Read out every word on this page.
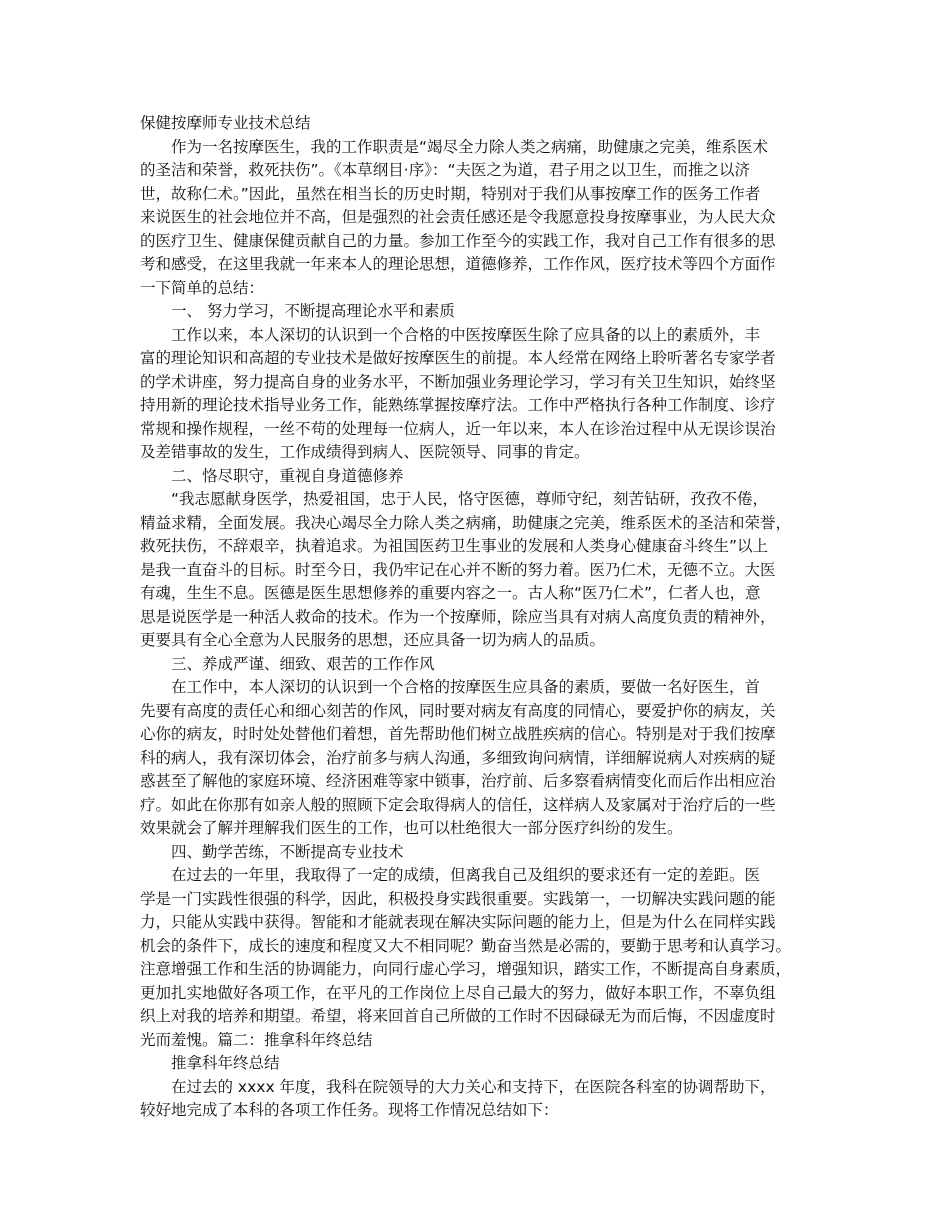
保健按摩师专业技术总结
作为一名按摩医生，我的工作职责是“竭尽全力除人类之病痛，助健康之完美，维系医术
的圣洁和荣誉，救死扶伤”。《本草纲目·序》：“夫医之为道，君子用之以卫生，而推之以济
世，故称仁术。”因此，虽然在相当长的历史时期，特别对于我们从事按摩工作的医务工作者
来说医生的社会地位并不高，但是强烈的社会责任感还是令我愿意投身按摩事业，为人民大众
的医疗卫生、健康保健贡献自己的力量。参加工作至今的实践工作，我对自己工作有很多的思
考和感受，在这里我就一年来本人的理论思想，道德修养，工作作风，医疗技术等四个方面作
一下简单的总结：
一、 努力学习，不断提高理论水平和素质
工作以来，本人深切的认识到一个合格的中医按摩医生除了应具备的以上的素质外，丰
富的理论知识和高超的专业技术是做好按摩医生的前提。本人经常在网络上聆听著名专家学者
的学术讲座，努力提高自身的业务水平，不断加强业务理论学习，学习有关卫生知识，始终坚
持用新的理论技术指导业务工作，能熟练掌握按摩疗法。工作中严格执行各种工作制度、诊疗
常规和操作规程，一丝不苟的处理每一位病人，近一年以来，本人在诊治过程中从无误诊误治
及差错事故的发生，工作成绩得到病人、医院领导、同事的肯定。
二、恪尽职守，重视自身道德修养
“我志愿献身医学，热爱祖国，忠于人民，恪守医德，尊师守纪，刻苦钻研，孜孜不倦，
精益求精，全面发展。我决心竭尽全力除人类之病痛，助健康之完美，维系医术的圣洁和荣誉，
救死扶伤，不辞艰辛，执着追求。为祖国医药卫生事业的发展和人类身心健康奋斗终生”以上
是我一直奋斗的目标。时至今日，我仍牢记在心并不断的努力着。医乃仁术，无德不立。大医
有魂，生生不息。医德是医生思想修养的重要内容之一。古人称“医乃仁术”，仁者人也，意
思是说医学是一种活人救命的技术。作为一个按摩师，除应当具有对病人高度负责的精神外，
更要具有全心全意为人民服务的思想，还应具备一切为病人的品质。
三、养成严谨、细致、艰苦的工作作风
在工作中，本人深切的认识到一个合格的按摩医生应具备的素质，要做一名好医生，首
先要有高度的责任心和细心刻苦的作风，同时要对病友有高度的同情心，要爱护你的病友，关
心你的病友，时时处处替他们着想，首先帮助他们树立战胜疾病的信心。特别是对于我们按摩
科的病人，我有深切体会，治疗前多与病人沟通，多细致询问病情，详细解说病人对疾病的疑
惑甚至了解他的家庭环境、经济困难等家中锁事，治疗前、后多察看病情变化而后作出相应治
疗。如此在你那有如亲人般的照顾下定会取得病人的信任，这样病人及家属对于治疗后的一些
效果就会了解并理解我们医生的工作，也可以杜绝很大一部分医疗纠纷的发生。
四、勤学苦练，不断提高专业技术
在过去的一年里，我取得了一定的成绩，但离我自己及组织的要求还有一定的差距。医
学是一门实践性很强的科学，因此，积极投身实践很重要。实践第一，一切解决实践问题的能
力，只能从实践中获得。智能和才能就表现在解决实际问题的能力上，但是为什么在同样实践
机会的条件下，成长的速度和程度又大不相同呢？勤奋当然是必需的，要勤于思考和认真学习。
注意增强工作和生活的协调能力，向同行虚心学习，增强知识，踏实工作，不断提高自身素质，
更加扎实地做好各项工作，在平凡的工作岗位上尽自己最大的努力，做好本职工作，不辜负组
织上对我的培养和期望。希望，将来回首自己所做的工作时不因碌碌无为而后悔，不因虚度时
光而羞愧。篇二：推拿科年终总结
推拿科年终总结
在过去的 xxxx 年度，我科在院领导的大力关心和支持下，在医院各科室的协调帮助下，
较好地完成了本科的各项工作任务。现将工作情况总结如下：
